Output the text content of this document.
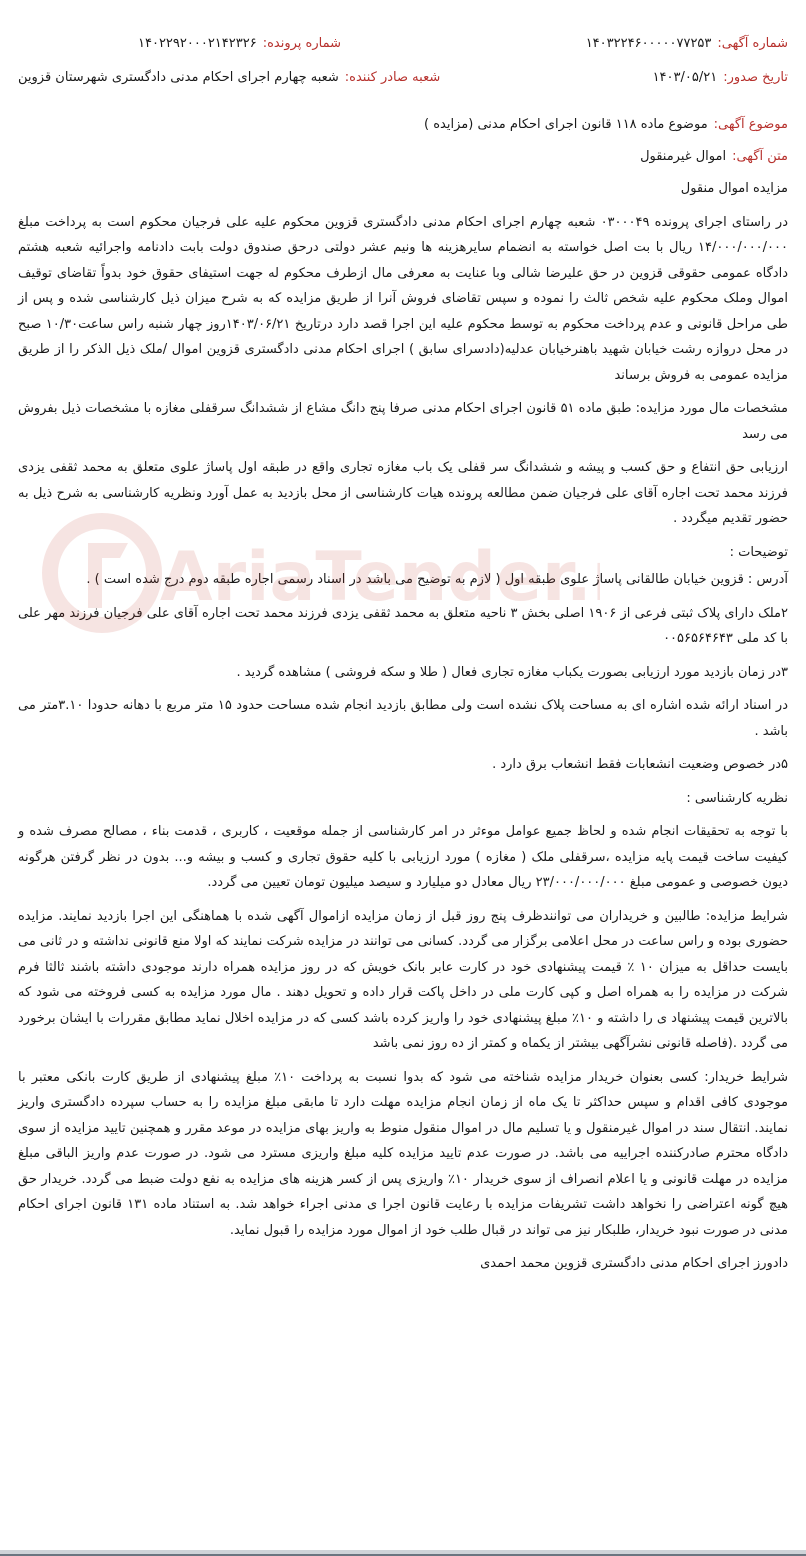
AriaTender.
شماره آگهی:
۱۴۰۳۲۲۴۶۰۰۰۰۰۷۷۲۵۳
شماره پرونده:
۱۴۰۲۲۹۲۰۰۰۲۱۴۲۳۲۶
تاریخ صدور:
۱۴۰۳/۰۵/۲۱
شعبه صادر کننده:
شعبه چهارم اجرای احکام مدنی دادگستری شهرستان قزوین
موضوع آگهی:
موضوع ماده ۱۱۸ قانون اجرای احکام مدنی (مزایده )
متن آگهی:
اموال غیرمنقول

مزایده اموال منقول

در راستای اجرای پرونده ۰۳۰۰۰۴۹ شعبه چهارم اجرای احکام مدنی دادگستری قزوین محکوم علیه علی فرجیان محکوم است به پرداخت مبلغ ۱۴/۰۰۰/۰۰۰/۰۰۰ ریال با بت اصل خواسته به انضمام سایرهزینه ها ونیم عشر دولتی درحق صندوق دولت بابت دادنامه واجرائیه شعبه هشتم دادگاه عمومی حقوقی قزوین در حق علیرضا شالی وبا عنایت به معرفی مال ازطرف محکوم له جهت استیفای حقوق خود بدواً تقاضای توقیف اموال وملک محکوم علیه شخص ثالث را نموده و سپس تقاضای فروش آنرا از طریق مزایده که به شرح میزان ذیل کارشناسی شده و پس از طی مراحل قانونی و عدم پرداخت محکوم به توسط محکوم علیه این اجرا قصد دارد درتاریخ ۱۴۰۳/۰۶/۲۱روز چهار شنبه راس ساعت۱۰/۳۰ صبح در محل دروازه رشت خیابان شهید باهنرخیابان عدلیه(دادسرای سابق ) اجرای احکام مدنی دادگستری قزوین اموال /ملک ذیل الذکر را از طریق مزایده عمومی به فروش برساند

مشخصات مال مورد مزایده: طبق ماده ۵۱ قانون اجرای احکام مدنی صرفا پنج دانگ مشاع از ششدانگ سرقفلی مغازه با مشخصات ذیل بفروش می رسد

ارزیابی حق انتفاع و حق کسب و پیشه و ششدانگ سر قفلی یک باب مغازه تجاری واقع در طبقه اول پاساژ علوی متعلق به محمد ثقفی یزدی فرزند محمد تحت اجاره آقای علی فرجیان ضمن مطالعه پرونده هیات کارشناسی از محل بازدید به عمل آورد ونظریه کارشناسی به شرح ذیل به حضور تقدیم میگردد .

توضیحات :

آدرس : قزوین خیابان طالقانی پاساژ علوی طبقه اول ( لازم به توضیح می باشد در اسناد رسمی اجاره طبقه دوم درج شده است ) .

۲ملک دارای پلاک ثبتی فرعی از ۱۹۰۶ اصلی بخش ۳ ناحیه متعلق به محمد ثقفی یزدی فرزند محمد تحت اجاره آقای علی فرجیان فرزند مهر علی با کد ملی ۰۰۵۶۵۶۴۶۴۳

۳در زمان بازدید مورد ارزیابی بصورت یکباب مغازه تجاری فعال ( طلا و سکه فروشی ) مشاهده گردید .

در اسناد ارائه شده اشاره ای به مساحت پلاک نشده است ولی مطابق بازدید انجام شده مساحت حدود ۱۵ متر مربع با دهانه حدودا ۳.۱۰متر می باشد .

۵در خصوص وضعیت انشعابات فقط انشعاب برق دارد .

نظریه کارشناسی :

با توجه به تحقیقات انجام شده و لحاظ جمیع عوامل موءثر در امر کارشناسی از جمله موقعیت ، کاربری ، قدمت بناء ، مصالح مصرف شده و کیفیت ساخت قیمت پایه مزایده ،سرقفلی ملک ( مغازه ) مورد ارزیابی با کلیه حقوق تجاری و کسب و بیشه و... بدون در نظر گرفتن هرگونه دیون خصوصی و عمومی مبلغ ۲۳/۰۰۰/۰۰۰/۰۰۰ ریال معادل دو میلیارد و سیصد میلیون تومان تعیین می گردد.

شرایط مزایده: طالبین و خریداران می توانندظرف پنج روز قبل از زمان مزایده ازاموال آگهی شده با هماهنگی این اجرا بازدید نمایند. مزایده حضوری بوده و راس ساعت در محل اعلامی برگزار می گردد. کسانی می توانند در مزایده شرکت نمایند که اولا منع قانونی نداشته و در ثانی می بایست حداقل به میزان ۱۰ ٪ قیمت پیشنهادی خود در کارت عابر بانک خویش که در روز مزایده همراه دارند موجودی داشته باشند ثالثا فرم شرکت در مزایده را به همراه اصل و کپی کارت ملی در داخل پاکت قرار داده و تحویل دهند . مال مورد مزایده به کسی فروخته می شود که بالاترین قیمت پیشنهاد ی را داشته و ۱۰٪ مبلغ پیشنهادی خود را واریز کرده باشد کسی که در مزایده اخلال نماید مطابق مقررات با ایشان برخورد می گردد .(فاصله قانونی نشرآگهی بیشتر از یکماه و کمتر از ده روز نمی باشد

شرایط خریدار: کسی بعنوان خریدار مزایده شناخته می شود که بدوا نسبت به پرداخت ۱۰٪ مبلغ پیشنهادی از طریق کارت بانکی معتبر با موجودی کافی اقدام و سپس حداکثر تا یک ماه از زمان انجام مزایده مهلت دارد تا مابقی مبلغ مزایده را به حساب سپرده دادگستری واریز نمایند. انتقال سند در اموال غیرمنقول و یا تسلیم مال در اموال منقول منوط به واریز بهای مزایده در موعد مقرر و همچنین تایید مزایده از سوی دادگاه محترم صادرکننده اجراییه می باشد. در صورت عدم تایید مزایده کلیه مبلغ واریزی مسترد می شود. در صورت عدم واریز الباقی مبلغ مزایده در مهلت قانونی و یا اعلام انصراف از سوی خریدار ۱۰٪ واریزی پس از کسر هزینه های مزایده به نفع دولت ضبط می گردد. خریدار حق هیچ گونه اعتراضی را نخواهد داشت تشریفات مزایده با رعایت قانون اجرا ی مدنی اجراء خواهد شد. به استناد ماده ۱۳۱ قانون اجرای احکام مدنی در صورت نبود خریدار، طلبکار نیز می تواند در قبال طلب خود از اموال مورد مزایده را قبول نماید.

دادورز اجرای احکام مدنی دادگستری قزوین محمد احمدی
